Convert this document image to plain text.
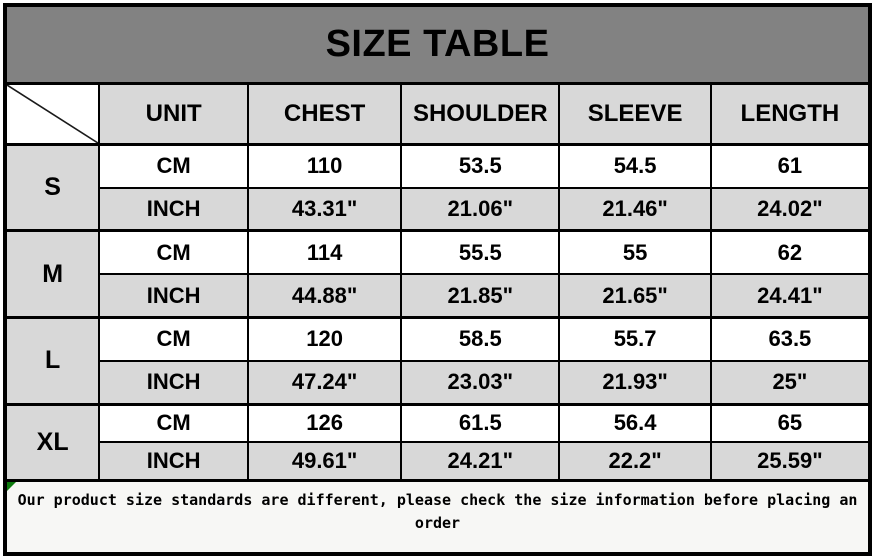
SIZE TABLE					

	UNIT	CHEST	SHOULDER	SLEEVE	LENGTH
S	CM	110	53.5	54.5	61
	INCH	43.31"	21.06"	21.46"	24.02"
M	CM	114	55.5	55	62
	INCH	44.88"	21.85"	21.65"	24.41"
L	CM	120	58.5	55.7	63.5
	INCH	47.24"	23.03"	21.93"	25"
XL	CM	126	61.5	56.4	65
	INCH	49.61"	24.21"	22.2"	25.59"

Our product size standards are different, please check the size information before placing an order					
